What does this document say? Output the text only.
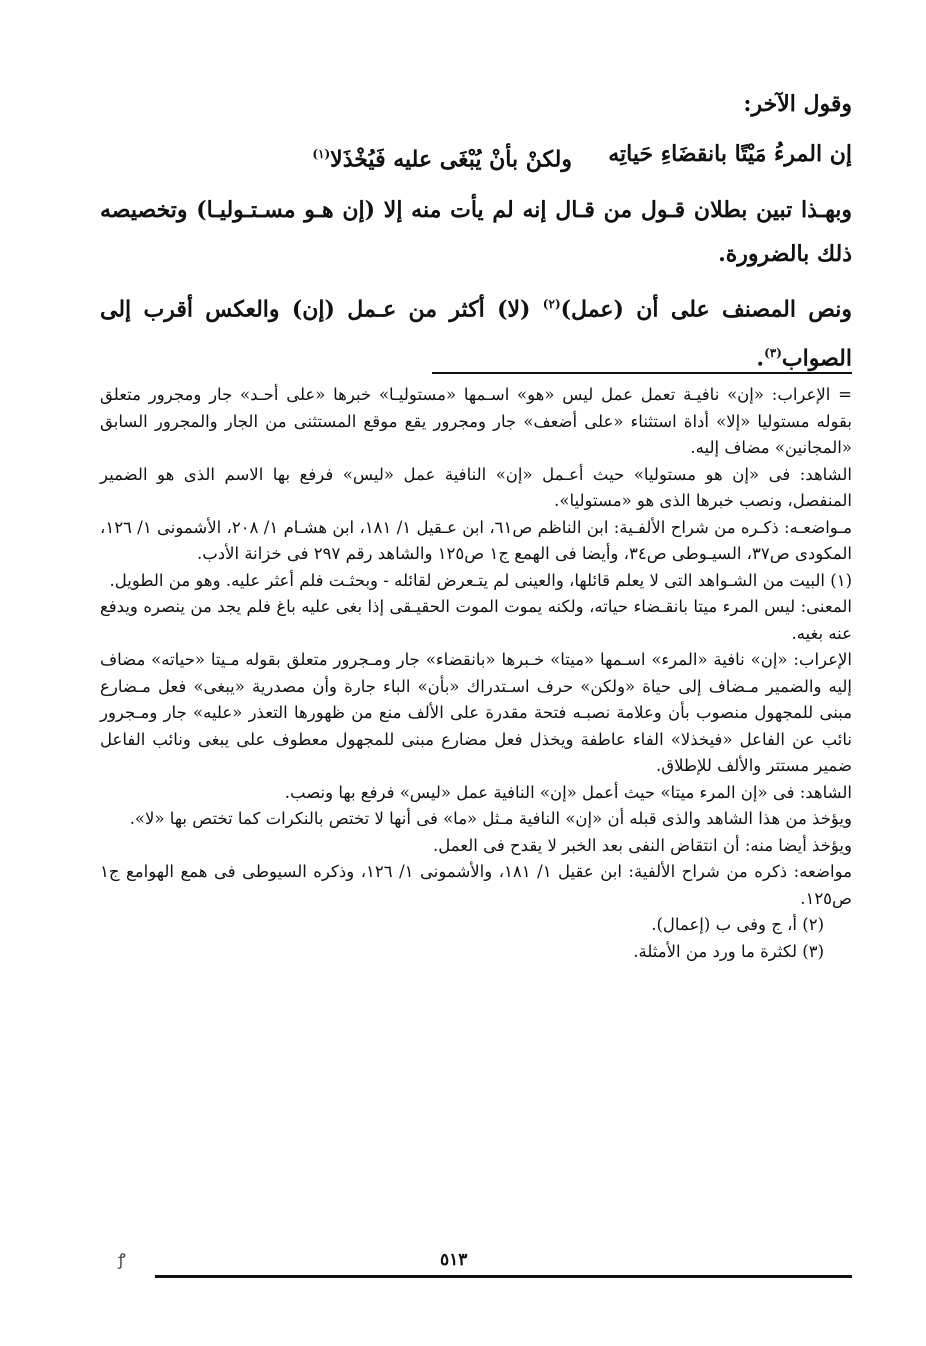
وقول الآخر:
إن المرءُ مَيْتًا بانقضَاءِ حَياتِه
ولكنْ بأنْ يُبْغَى عليه فَيُخْذَلا$^{(١)}$
وبهـذا تبين بطلان قـول من قـال إنه لم يأت منه إلا (إن هـو مسـتـوليـا) وتخصيصه ذلك بالضرورة.
ونص المصنف على أن (عمل)$^{(٢)}$ (لا) أكثر من عـمل (إن) والعكس أقرب إلى الصواب$^{(٣)}$.

= الإعراب: «إن» نافيـة تعمل عمل ليس «هو» اسـمها «مستوليـا» خبرها «على أحـد» جار ومجرور متعلق بقوله مستوليا «إلا» أداة استثناء «على أضعف» جار ومجرور يقع موقع المستثنى من الجار والمجرور السابق «المجانين» مضاف إليه.

الشاهد: فى «إن هو مستوليا» حيث أعـمل «إن» النافية عمل «ليس» فرفع بها الاسم الذى هو الضمير المنفصل، ونصب خبرها الذى هو «مستوليا».

مـواضعـه: ذكـره من شراح الألفـية: ابن الناظم ص٦١، ابن عـقيل ١/ ١٨١، ابن هشـام ١/ ٢٠٨، الأشمونى ١/ ١٢٦، المكودى ص٣٧، السيـوطى ص٣٤، وأيضا فى الهمع ج١ ص١٢٥ والشاهد رقم ٢٩٧ فى خزانة الأدب.

(١) البيت من الشـواهد التى لا يعلم قائلها، والعينى لم يتـعرض لقائله - وبحثـت فلم أعثر عليه. وهو من الطويل.

المعنى: ليس المرء ميتا بانقـضاء حياته، ولكنه يموت الموت الحقيـقى إذا بغى عليه باغ فلم يجد من ينصره ويدفع عنه بغيه.

الإعراب: «إن» نافية «المرء» اسـمها «ميتا» خـبرها «بانقضاء» جار ومـجرور متعلق بقوله مـيتا «حياته» مضاف إليه والضمير مـضاف إلى حياة «ولكن» حرف اسـتدراك «بأن» الباء جارة وأن مصدرية «يبغى» فعل مـضارع مبنى للمجهول منصوب بأن وعلامة نصبـه فتحة مقدرة على الألف منع من ظهورها التعذر «عليه» جار ومـجرور نائب عن الفاعل «فيخذلا» الفاء عاطفة ويخذل فعل مضارع مبنى للمجهول معطوف على يبغى ونائب الفاعل ضمير مستتر والألف للإطلاق.

الشاهد: فى «إن المرء ميتا» حيث أعمل «إن» النافية عمل «ليس» فرفع بها ونصب.

ويؤخذ من هذا الشاهد والذى قبله أن «إن» النافية مـثل «ما» فى أنها لا تختص بالنكرات كما تختص بها «لا».

ويؤخذ أيضا منه: أن انتقاض النفى بعد الخبر لا يقدح فى العمل.

مواضعه: ذكره من شراح الألفية: ابن عقيل ١/ ١٨١، والأشمونى ١/ ١٢٦، وذكره السيوطى فى همع الهوامع ج١ ص١٢٥.

(٢) أ، ج وفى ب (إعمال).

(٣) لكثرة ما ورد من الأمثلة.

ꝭ	٥١٣
